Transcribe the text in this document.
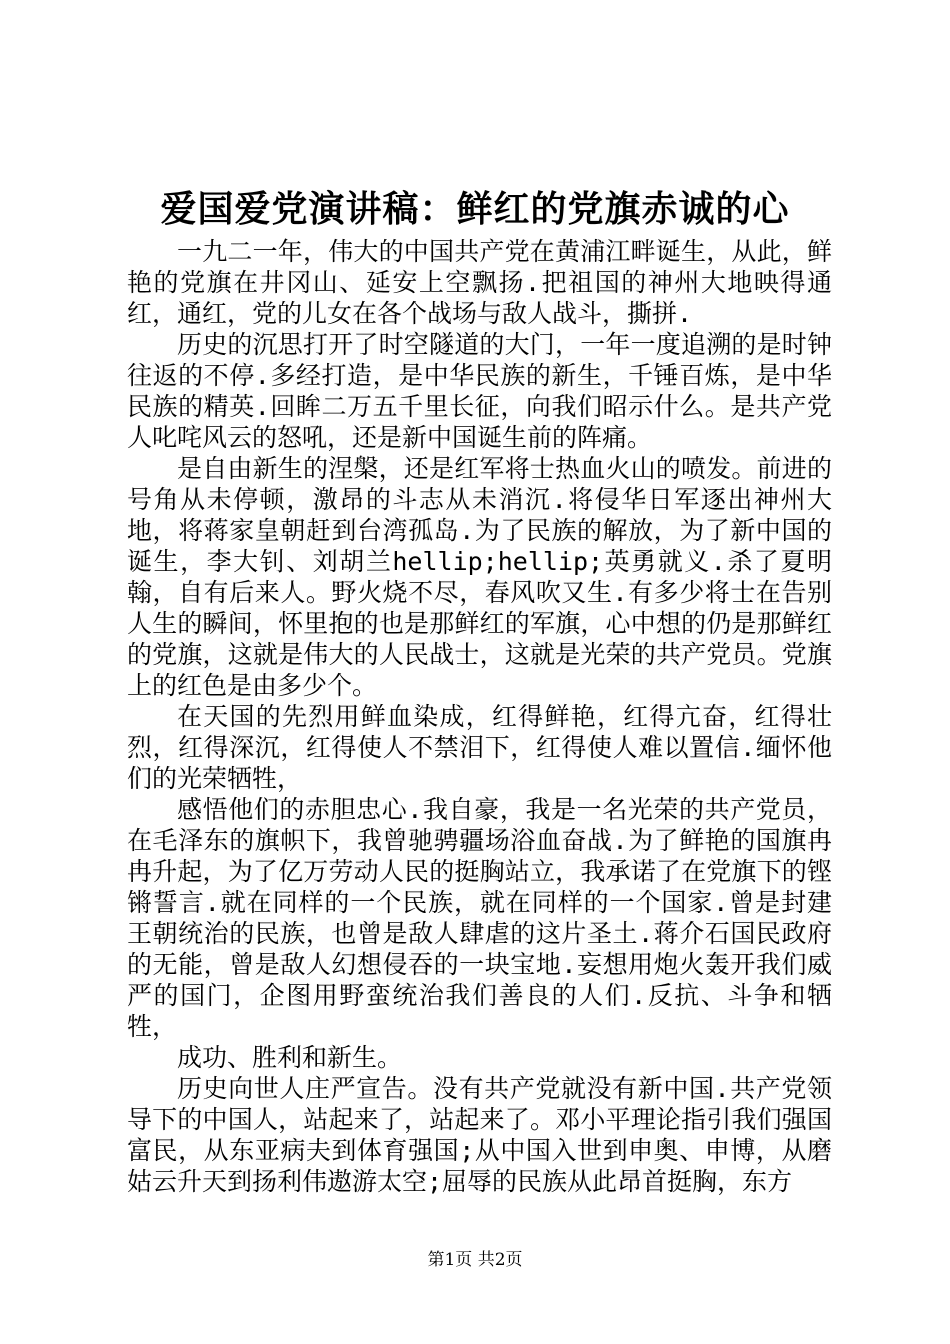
爱国爱党演讲稿：鲜红的党旗赤诚的心

一九二一年，伟大的中国共产党在黄浦江畔诞生，从此，鲜艳的党旗在井冈山、延安上空飘扬.把祖国的神州大地映得通红，通红，党的儿女在各个战场与敌人战斗，撕拼.

历史的沉思打开了时空隧道的大门，一年一度追溯的是时钟往返的不停.多经打造，是中华民族的新生，千锤百炼，是中华民族的精英.回眸二万五千里长征，向我们昭示什么。是共产党人叱咤风云的怒吼，还是新中国诞生前的阵痛。

是自由新生的涅槃，还是红军将士热血火山的喷发。前进的号角从未停顿，激昂的斗志从未消沉.将侵华日军逐出神州大地，将蒋家皇朝赶到台湾孤岛.为了民族的解放，为了新中国的诞生，李大钊、刘胡兰hellip;hellip;英勇就义.杀了夏明翰，自有后来人。野火烧不尽，春风吹又生.有多少将士在告别人生的瞬间，怀里抱的也是那鲜红的军旗，心中想的仍是那鲜红的党旗，这就是伟大的人民战士，这就是光荣的共产党员。党旗上的红色是由多少个。

在天国的先烈用鲜血染成，红得鲜艳，红得亢奋，红得壮烈，红得深沉，红得使人不禁泪下，红得使人难以置信.缅怀他们的光荣牺牲，

感悟他们的赤胆忠心.我自豪，我是一名光荣的共产党员，在毛泽东的旗帜下，我曾驰骋疆场浴血奋战.为了鲜艳的国旗冉冉升起，为了亿万劳动人民的挺胸站立，我承诺了在党旗下的铿锵誓言.就在同样的一个民族，就在同样的一个国家.曾是封建王朝统治的民族，也曾是敌人肆虐的这片圣土.蒋介石国民政府的无能，曾是敌人幻想侵吞的一块宝地.妄想用炮火轰开我们威严的国门，企图用野蛮统治我们善良的人们.反抗、斗争和牺牲，

成功、胜利和新生。

历史向世人庄严宣告。没有共产党就没有新中国.共产党领导下的中国人，站起来了，站起来了。邓小平理论指引我们强国富民，从东亚病夫到体育强国;从中国入世到申奥、申博，从磨姑云升天到扬利伟遨游太空;屈辱的民族从此昂首挺胸，东方

第1页 共2页
